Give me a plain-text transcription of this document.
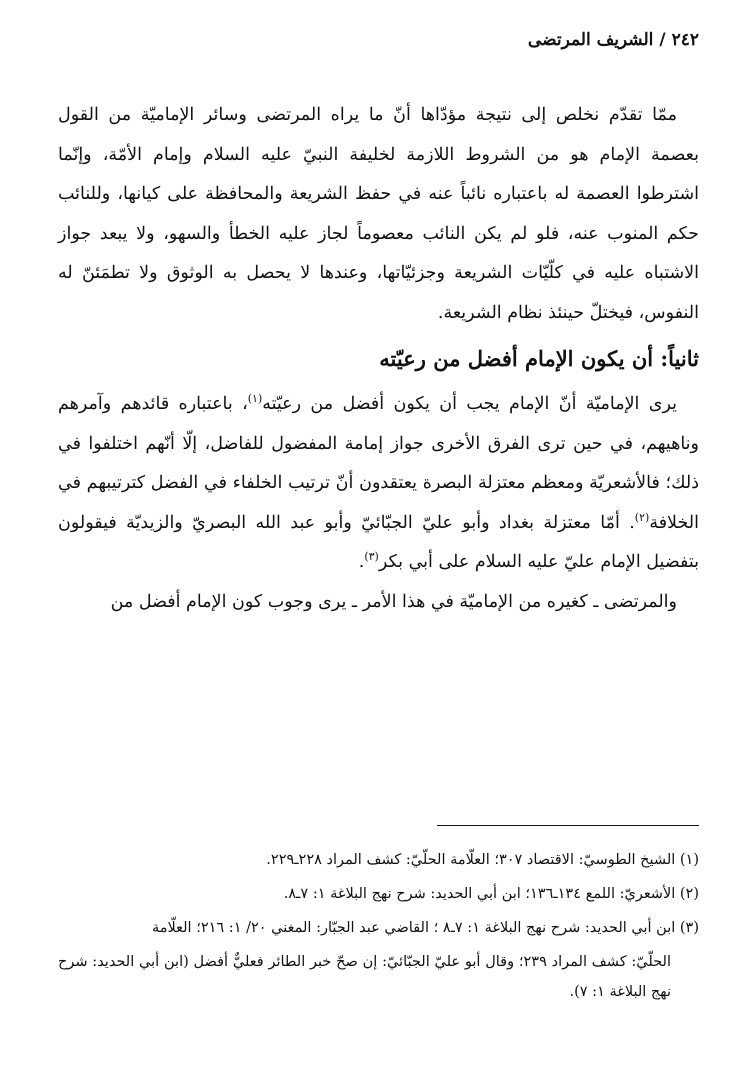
٢٤٢/الشريف المرتضى

ممّا تقدّم نخلص إلى نتيجة مؤدّاها أنّ ما يراه المرتضى وسائر الإماميّة من القول بعصمة الإمام هو من الشروط اللازمة لخليفة النبيّ عليه السلام وإمام الأمّة، وإنّما اشترطوا العصمة له باعتباره نائباً عنه في حفظ الشريعة والمحافظة على كيانها، وللنائب حكم المنوب عنه، فلو لم يكن النائب معصوماً لجاز عليه الخطأ والسهو، ولا يبعد جواز الاشتباه عليه في كلّيّات الشريعة وجزئيّاتها، وعندها لا يحصل به الوثوق ولا تطمَئنّ له النفوس، فيختلّ حينئذ نظام الشريعة.

ثانياً: أن يكون الإمام أفضل من رعيّته

يرى الإماميّة أنّ الإمام يجب أن يكون أفضل من رعيّته$^{(١)}$، باعتباره قائدهم وآمرهم وناهيهم، في حين ترى الفرق الأخرى جواز إمامة المفضول للفاضل، إلّا أنّهم اختلفوا في ذلك؛ فالأشعريّة ومعظم معتزلة البصرة يعتقدون أنّ ترتيب الخلفاء في الفضل كترتيبهم في الخلافة$^{(٢)}$. أمّا معتزلة بغداد وأبو عليّ الجبّائيّ وأبو عبد الله البصريّ والزيديّة فيقولون بتفضيل الإمام عليّ عليه السلام على أبي بكر$^{(٣)}$.

والمرتضى ـ كغيره من الإماميّة في هذا الأمر ـ يرى وجوب كون الإمام أفضل من

(١) الشيخ الطوسيّ: الاقتصاد ٣٠٧؛ العلّامة الحلّيّ: كشف المراد ٢٢٨ـ٢٢٩.

(٢) الأشعريّ: اللمع ١٣٤ـ١٣٦؛ ابن أبي الحديد: شرح نهج البلاغة ١: ٧ـ٨.

(٣) ابن أبي الحديد: شرح نهج البلاغة ١: ٧ـ٨ ؛ القاضي عبد الجبّار: المغني ٢٠/ ١: ٢١٦؛ العلّامة

الحلّيّ: كشف المراد ٢٣٩؛ وقال أبو عليّ الجبّائيّ: إن صحّ خبر الطائر فعليٌّ أفضل (ابن أبي الحديد: شرح نهج البلاغة ١: ٧).
